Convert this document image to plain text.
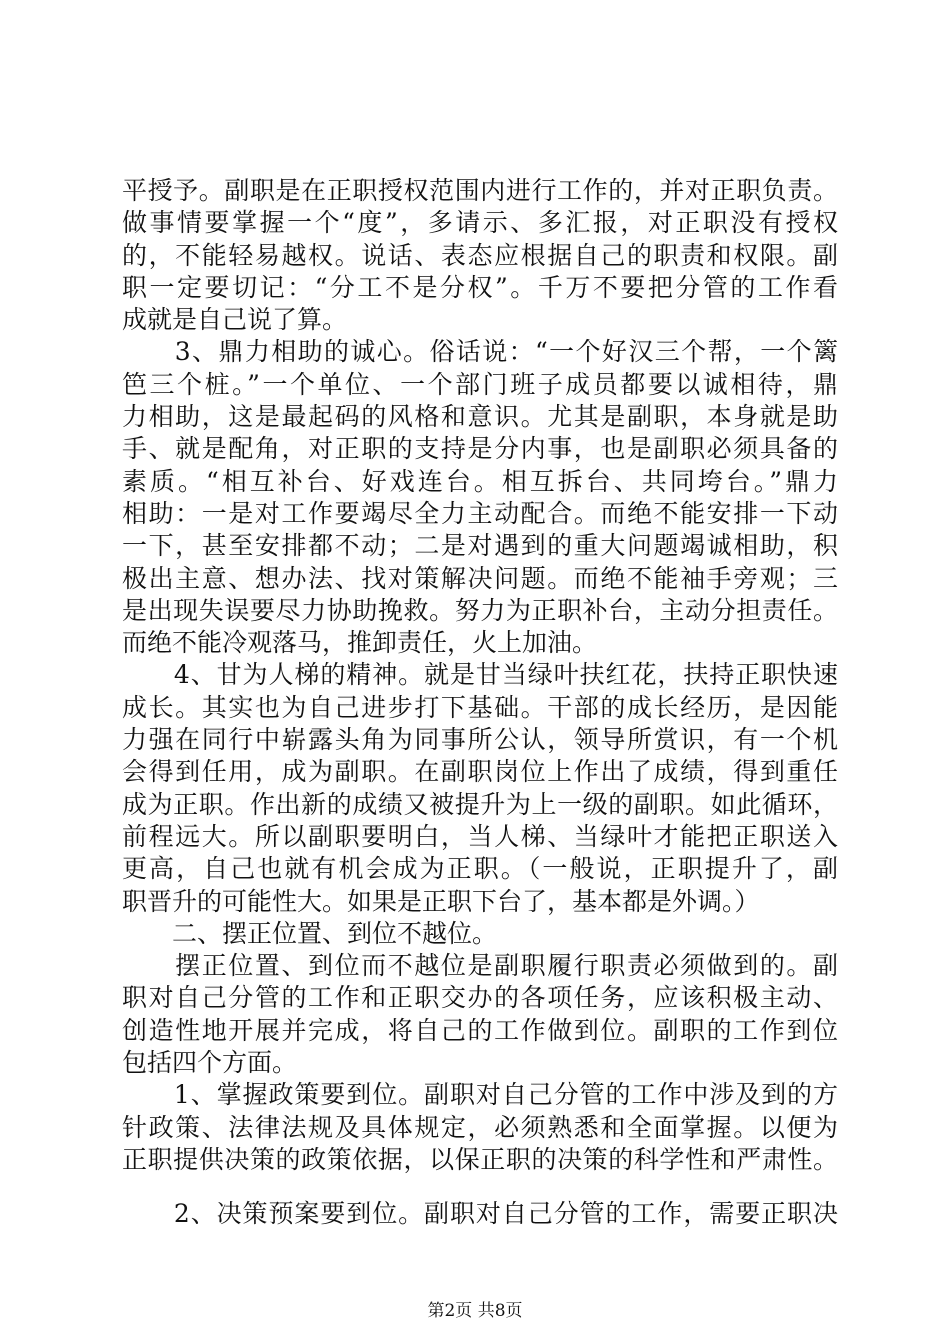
平授予。副职是在正职授权范围内进行工作的，并对正职负责。
做事情要掌握一个“度”，多请示、多汇报，对正职没有授权
的，不能轻易越权。说话、表态应根据自己的职责和权限。副
职一定要切记：“分工不是分权”。千万不要把分管的工作看
成就是自己说了算。
　　3、鼎力相助的诚心。俗话说：“一个好汉三个帮，一个篱
笆三个桩。”一个单位、一个部门班子成员都要以诚相待，鼎
力相助，这是最起码的风格和意识。尤其是副职，本身就是助
手、就是配角，对正职的支持是分内事，也是副职必须具备的
素质。“相互补台、好戏连台。相互拆台、共同垮台。”鼎力
相助：一是对工作要竭尽全力主动配合。而绝不能安排一下动
一下，甚至安排都不动；二是对遇到的重大问题竭诚相助，积
极出主意、想办法、找对策解决问题。而绝不能袖手旁观；三
是出现失误要尽力协助挽救。努力为正职补台，主动分担责任。
而绝不能冷观落马，推卸责任，火上加油。
　　4、甘为人梯的精神。就是甘当绿叶扶红花，扶持正职快速
成长。其实也为自己进步打下基础。干部的成长经历，是因能
力强在同行中崭露头角为同事所公认，领导所赏识，有一个机
会得到任用，成为副职。在副职岗位上作出了成绩，得到重任
成为正职。作出新的成绩又被提升为上一级的副职。如此循环，
前程远大。所以副职要明白，当人梯、当绿叶才能把正职送入
更高，自己也就有机会成为正职。（一般说，正职提升了，副
职晋升的可能性大。如果是正职下台了，基本都是外调。）
　　二、摆正位置、到位不越位。
　　摆正位置、到位而不越位是副职履行职责必须做到的。副
职对自己分管的工作和正职交办的各项任务，应该积极主动、
创造性地开展并完成，将自己的工作做到位。副职的工作到位
包括四个方面。
　　1、掌握政策要到位。副职对自己分管的工作中涉及到的方
针政策、法律法规及具体规定，必须熟悉和全面掌握。以便为
正职提供决策的政策依据，以保正职的决策的科学性和严肃性。
　　2、决策预案要到位。副职对自己分管的工作，需要正职决
第2页 共8页
